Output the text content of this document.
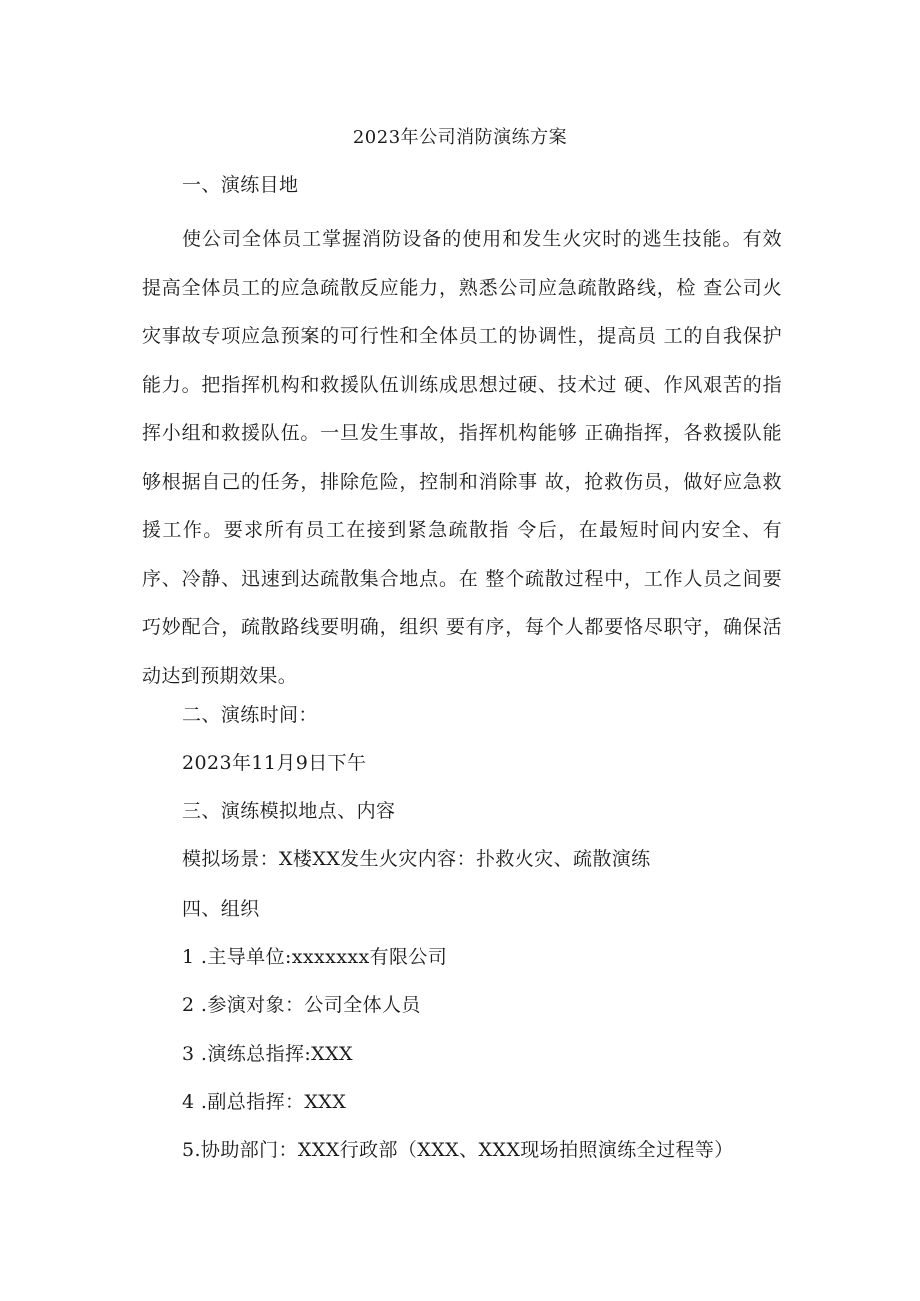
2023年公司消防演练方案
一、演练目地
使公司全体员工掌握消防设备的使用和发生火灾时的逃生技能。有效提高全体员工的应急疏散反应能力，熟悉公司应急疏散路线，检 查公司火灾事故专项应急预案的可行性和全体员工的协调性，提高员 工的自我保护能力。把指挥机构和救援队伍训练成思想过硬、技术过 硬、作风艰苦的指挥小组和救援队伍。一旦发生事故，指挥机构能够 正确指挥，各救援队能够根据自己的任务，排除危险，控制和消除事 故，抢救伤员，做好应急救援工作。要求所有员工在接到紧急疏散指 令后，在最短时间内安全、有序、冷静、迅速到达疏散集合地点。在 整个疏散过程中，工作人员之间要巧妙配合，疏散路线要明确，组织 要有序，每个人都要恪尽职守，确保活动达到预期效果。
二、演练时间：
2023年11月9日下午
三、演练模拟地点、内容
模拟场景：X楼XX发生火灾内容：扑救火灾、疏散演练
四、组织
1 .主导单位:xxxxxxx有限公司
2 .参演对象：公司全体人员
3 .演练总指挥:XXX
4 .副总指挥：XXX
5.协助部门：XXX行政部（XXX、XXX现场拍照演练全过程等）
